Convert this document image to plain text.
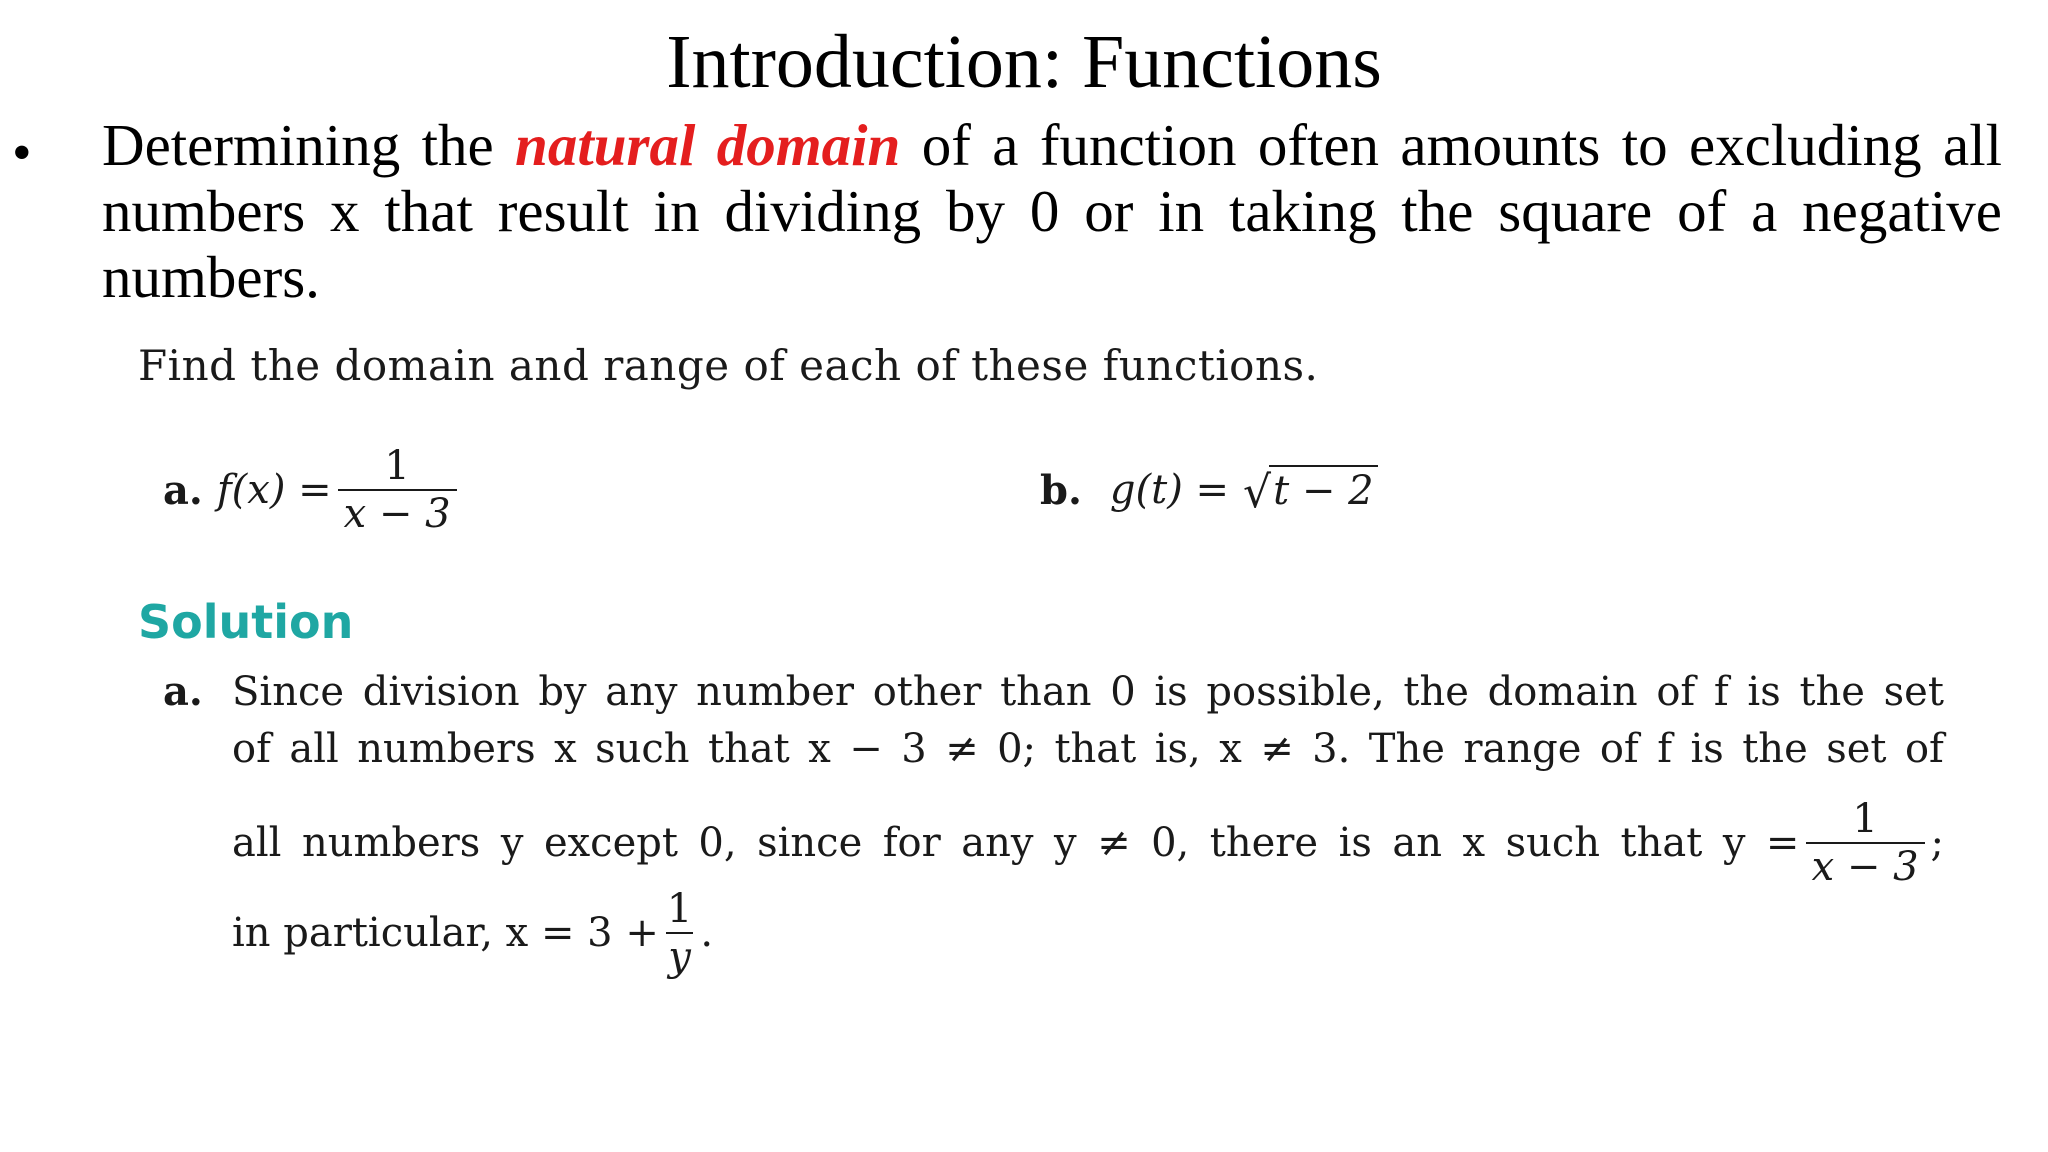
Introduction: Functions
• Determining the natural domain of a function often amounts to excluding all numbers x that result in dividing by 0 or in taking the square of a negative numbers.
Find the domain and range of each of these functions.
a. $f(x) = \frac{1}{x - 3}$	b. g(t) = √ t − 2
Solution
a. Since division by any number other than 0 is possible, the domain of f is the set
of all numbers x such that x − 3 ≠ 0; that is, x ≠ 3. The range of f is the set of
all numbers y except 0, since for any y ≠ 0, there is an x such that $y = \frac{1}{x - 3}$ ;
in particular, $x = 3 + \frac{1}{y}$ .
